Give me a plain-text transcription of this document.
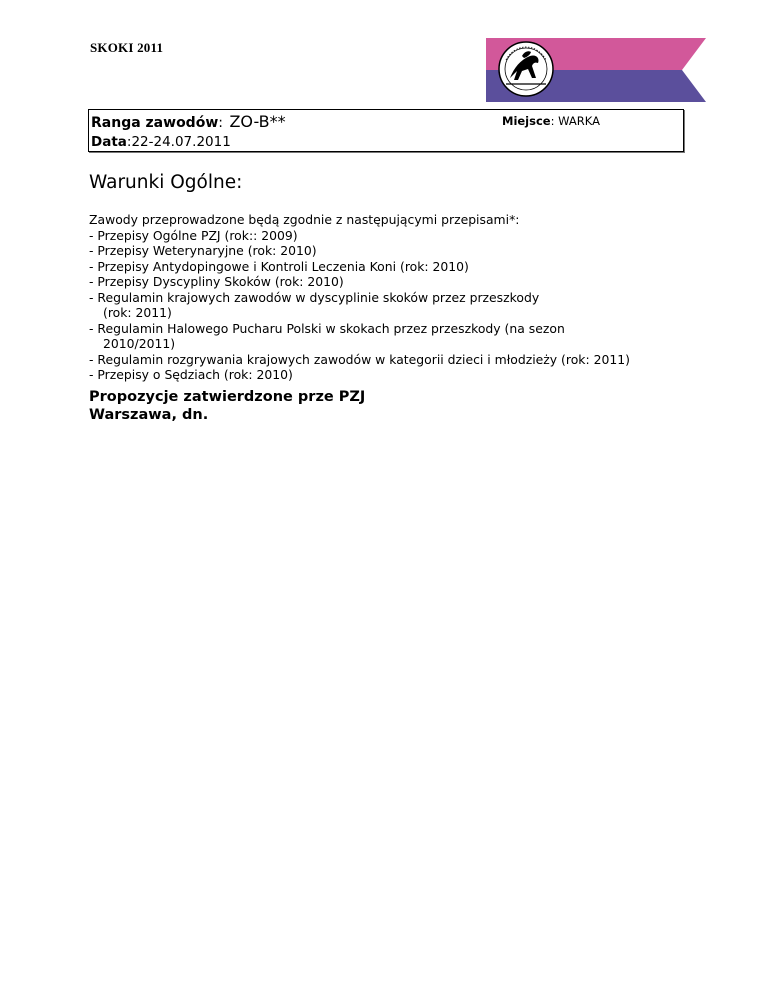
SKOKI 2011
Ranga zawodów: ZO-B**
Data:22-24.07.2011
Miejsce: WARKA
Warunki Ogólne:
Zawody przeprowadzone będą zgodnie z następującymi przepisami*:
- Przepisy Ogólne PZJ (rok:: 2009)
- Przepisy Weterynaryjne (rok: 2010)
- Przepisy Antydopingowe i Kontroli Leczenia Koni (rok: 2010)
- Przepisy Dyscypliny Skoków (rok: 2010)
- Regulamin krajowych zawodów w dyscyplinie skoków przez przeszkody
(rok: 2011)
- Regulamin Halowego Pucharu Polski w skokach przez przeszkody (na sezon
2010/2011)
- Regulamin rozgrywania krajowych zawodów w kategorii dzieci i młodzieży (rok: 2011)
- Przepisy o Sędziach (rok: 2010)
Propozycje zatwierdzone prze PZJ
Warszawa, dn.
